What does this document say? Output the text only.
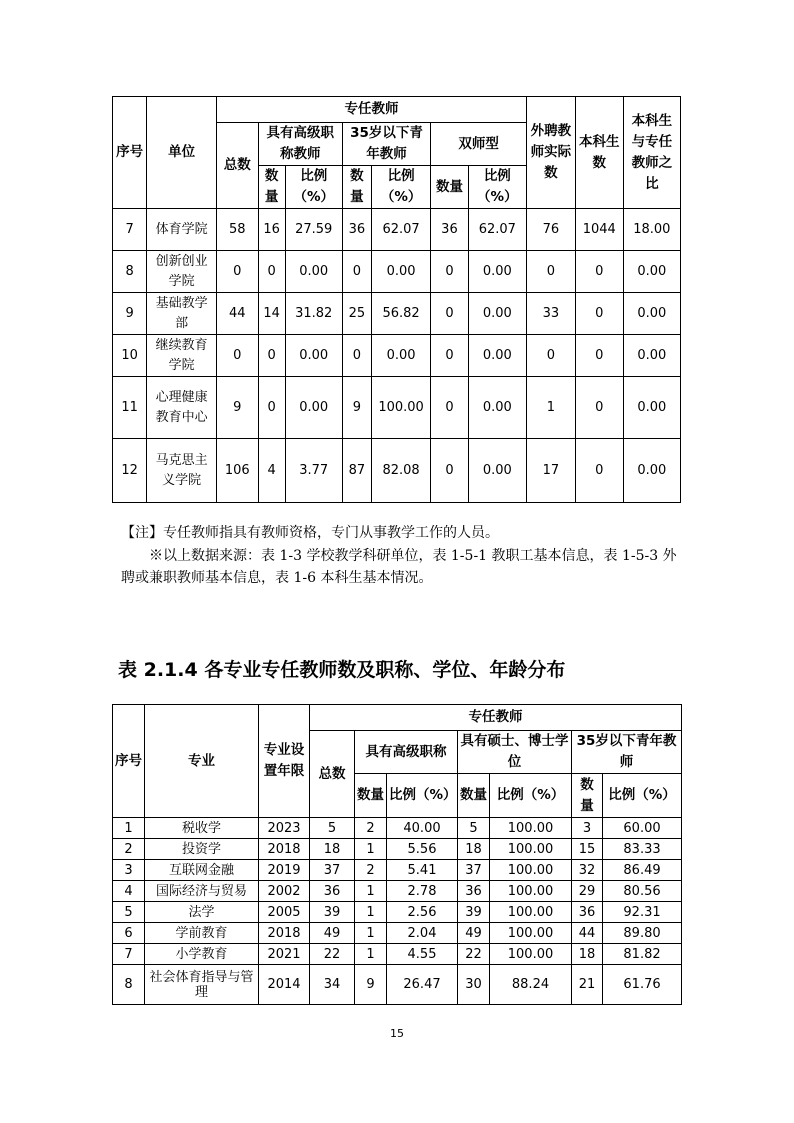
序号	单位	专任教师							外聘教师实际数	本科生数	本科生与专任教师之比
		总数	具有高级职称教师		35岁以下青年教师		双师型				
			数量	比例（%）	数量	比例（%）	数量	比例（%）			
7	体育学院	58	16	27.59	36	62.07	36	62.07	76	1044	18.00
8	创新创业学院	0	0	0.00	0	0.00	0	0.00	0	0	0.00
9	基础教学部	44	14	31.82	25	56.82	0	0.00	33	0	0.00
10	继续教育学院	0	0	0.00	0	0.00	0	0.00	0	0	0.00
11	心理健康教育中心	9	0	0.00	9	100.00	0	0.00	1	0	0.00
12	马克思主义学院	106	4	3.77	87	82.08	0	0.00	17	0	0.00

【注】专任教师指具有教师资格，专门从事教学工作的人员。

※以上数据来源：表 1-3 学校教学科研单位，表 1-5-1 教职工基本信息，表 1-5-3 外聘或兼职教师基本信息，表 1-6 本科生基本情况。

表 2.1.4 各专业专任教师数及职称、学位、年龄分布
序号	专业	专业设置年限	专任教师						
			总数	具有高级职称		具有硕士、博士学位		35岁以下青年教师	
				数量	比例（%）	数量	比例（%）	数量	比例（%）
1	税收学	2023	5	2	40.00	5	100.00	3	60.00
2	投资学	2018	18	1	5.56	18	100.00	15	83.33
3	互联网金融	2019	37	2	5.41	37	100.00	32	86.49
4	国际经济与贸易	2002	36	1	2.78	36	100.00	29	80.56
5	法学	2005	39	1	2.56	39	100.00	36	92.31
6	学前教育	2018	49	1	2.04	49	100.00	44	89.80
7	小学教育	2021	22	1	4.55	22	100.00	18	81.82
8	社会体育指导与管理	2014	34	9	26.47	30	88.24	21	61.76

15
